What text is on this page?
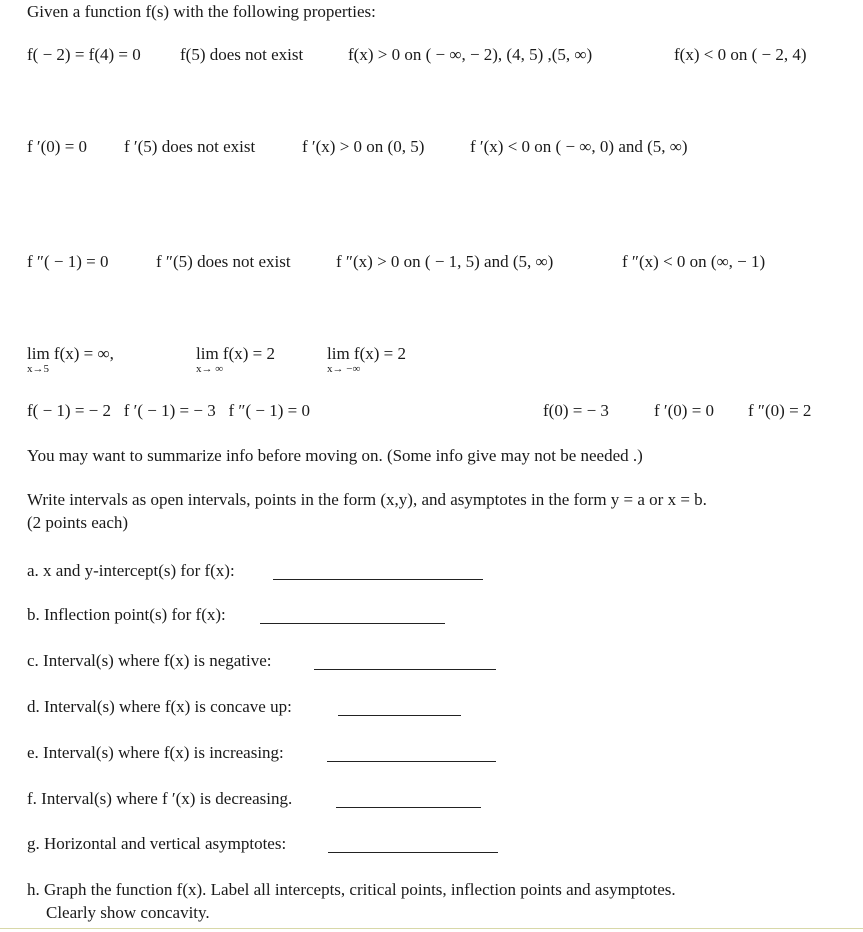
Given a function f(s) with the following properties:
f( − 2) = f(4) = 0 f(5) does not exist	f(x) > 0 on ( − ∞, − 2), (4, 5) ,(5, ∞)	f(x) < 0 on ( − 2, 4)
f ′(0) = 0 f ′(5) does not exist	f ′(x) > 0 on (0, 5)	f ′(x) < 0 on ( − ∞, 0) and (5, ∞)
f ″( − 1) = 0	f ″(5) does not exist	f ″(x) > 0 on ( − 1, 5) and (5, ∞)	f ″(x) < 0 on (∞, − 1)
lim f(x) = ∞,
x→5
lim f(x) = 2
x→ ∞
lim f(x) = 2
x→ −∞
f( − 1) = − 2   f ′( − 1) = − 3   f ″( − 1) = 0	f(0) = − 3	f ′(0) = 0 f ″(0) = 2
You may want to summarize info before moving on. (Some info give may not be needed .)
Write intervals as open intervals, points in the form (x,y), and asymptotes in the form y = a or x = b.
(2 points each)
a. x and y-intercept(s) for f(x):
b. Inflection point(s) for f(x):
c. Interval(s) where f(x) is negative:
d. Interval(s) where f(x) is concave up:
e. Interval(s) where f(x) is increasing:
f. Interval(s) where f ′(x) is decreasing.
g. Horizontal and vertical asymptotes:
h. Graph the function f(x). Label all intercepts, critical points, inflection points and asymptotes.
Clearly show concavity.
